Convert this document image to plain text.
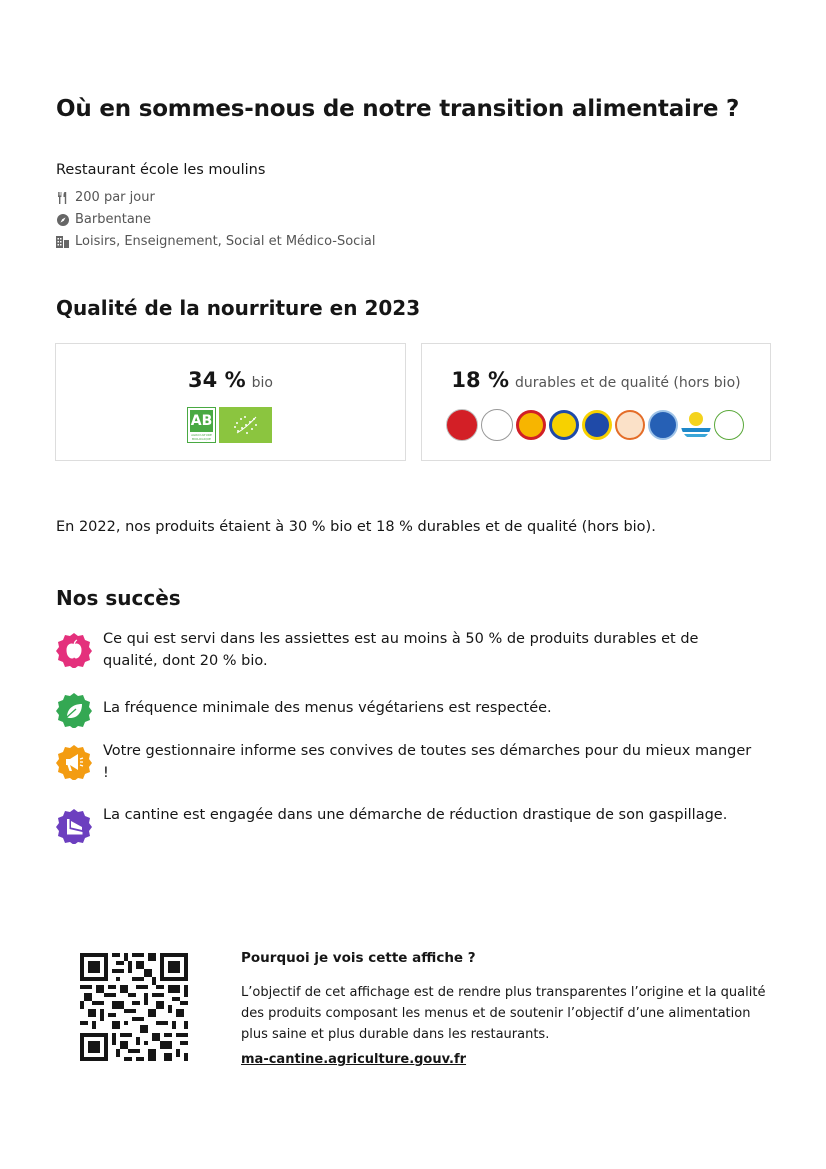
Où en sommes-nous de notre transition alimentaire ?
Restaurant école les moulins
200 par jour
Barbentane
Loisirs, Enseignement, Social et Médico-Social
Qualité de la nourriture en 2023
34 % bio
AB
AGRICULTURE BIOLOGIQUE
18 % durables et de qualité (hors bio)
En 2022, nos produits étaient à 30 % bio et 18 % durables et de qualité (hors bio).
Nos succès
Ce qui est servi dans les assiettes est au moins à 50 % de produits durables et de qualité, dont 20 % bio.
La fréquence minimale des menus végétariens est respectée.
Votre gestionnaire informe ses convives de toutes ses démarches pour du mieux manger !
La cantine est engagée dans une démarche de réduction drastique de son gaspillage.
Pourquoi je vois cette affiche ?
L’objectif de cet affichage est de rendre plus transparentes l’origine et la qualité des produits composant les menus et de soutenir l’objectif d’une alimentation plus saine et plus durable dans les restaurants.
ma-cantine.agriculture.gouv.fr
